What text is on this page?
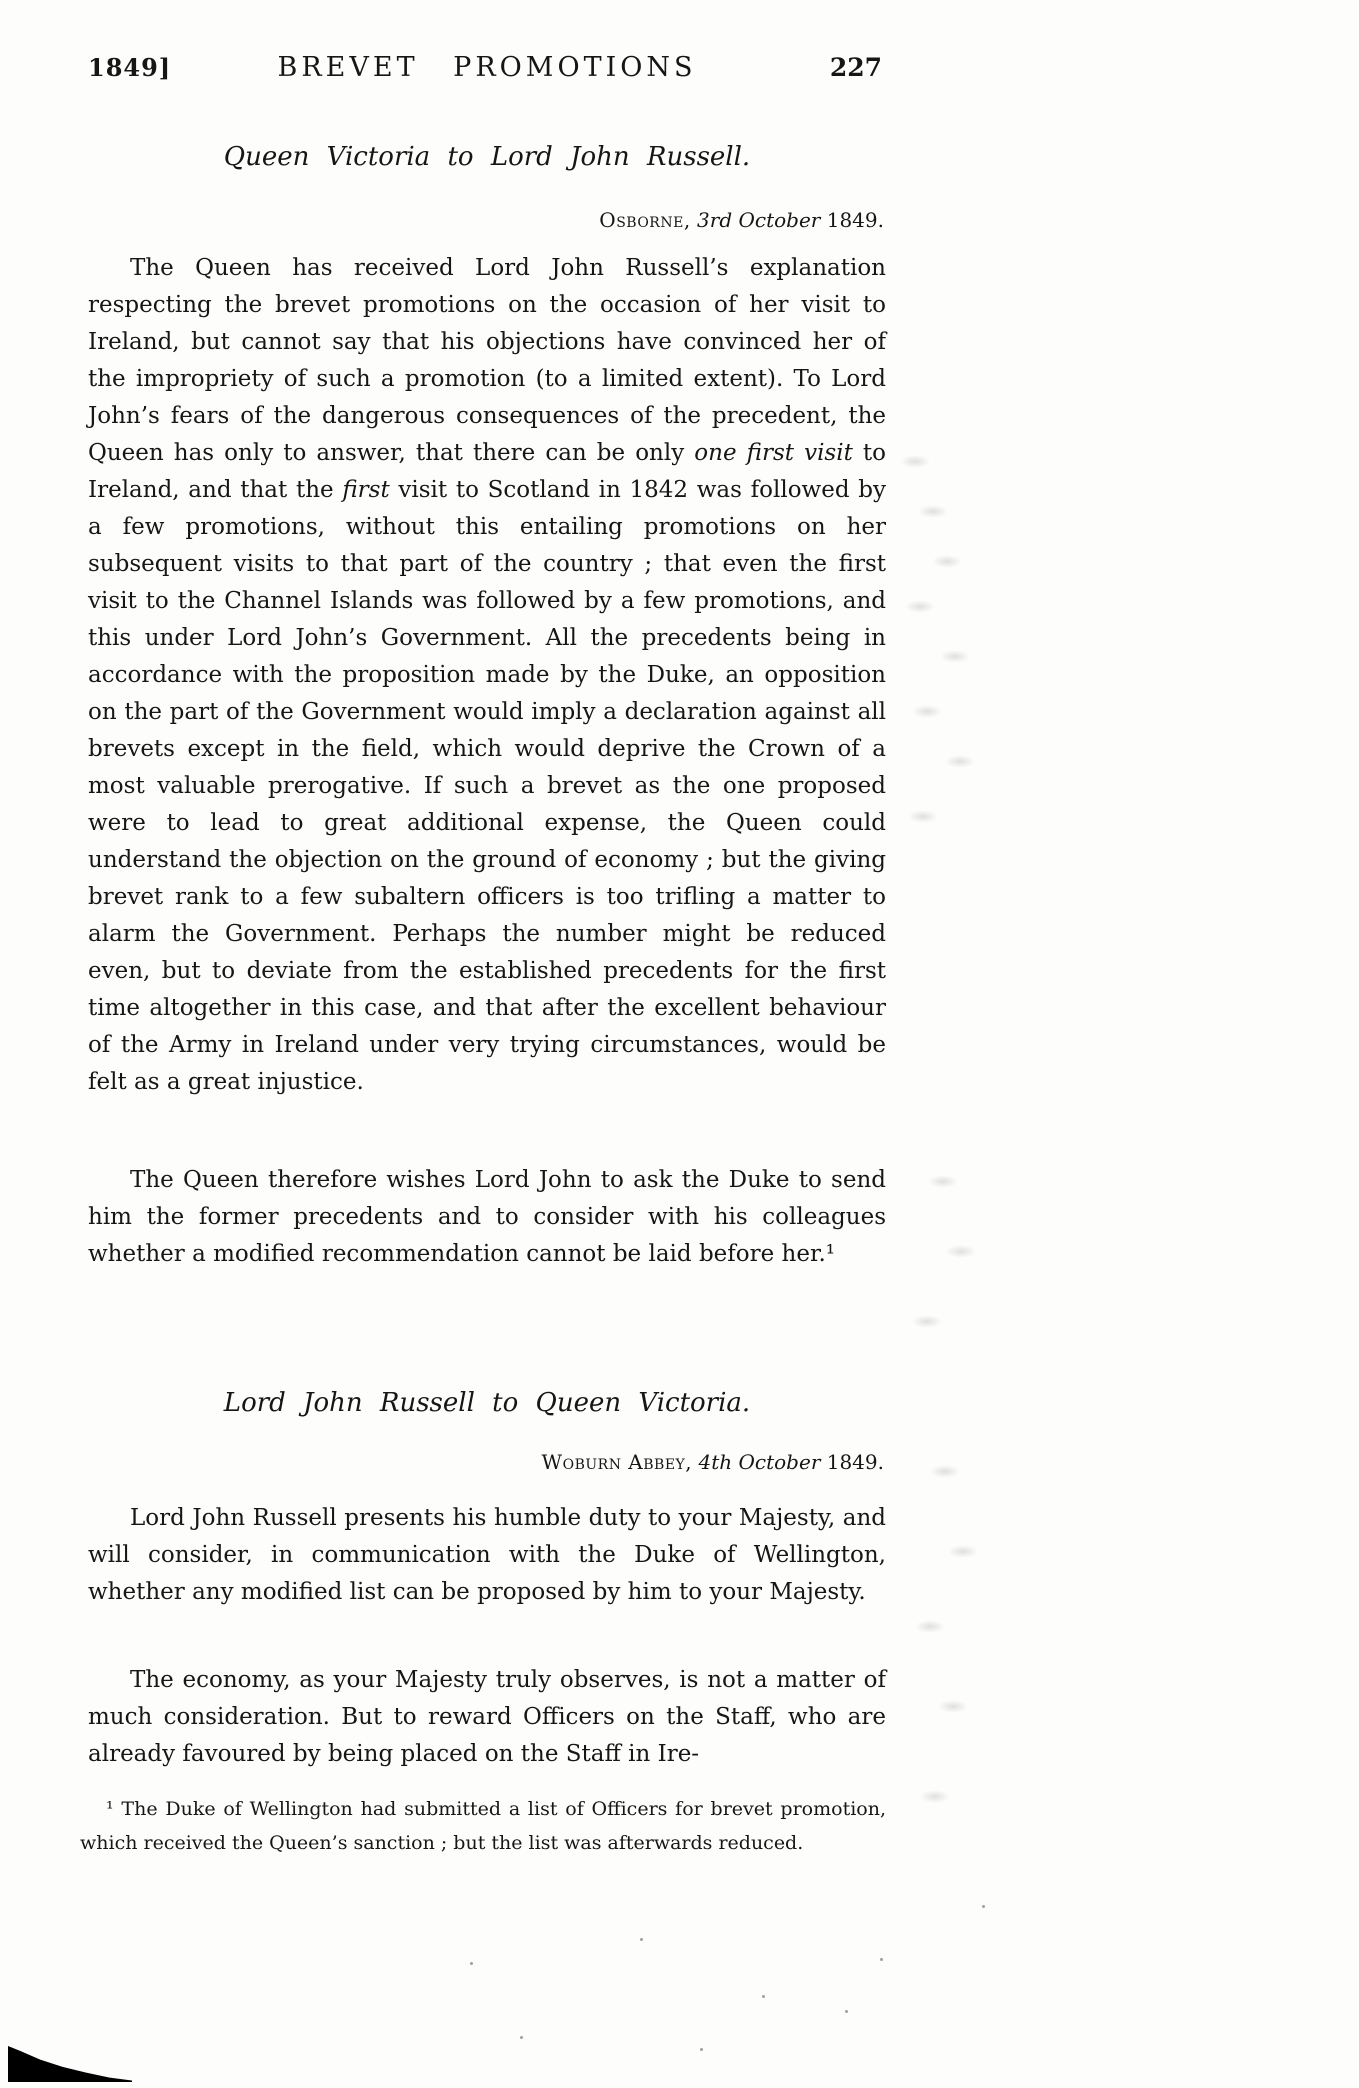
1849]	BREVET PROMOTIONS	227
Queen Victoria to Lord John Russell.
Osborne, 3rd October 1849.
The Queen has received Lord John Russell’s explanation respecting the brevet promotions on the occasion of her visit to Ireland, but cannot say that his objections have convinced her of the impropriety of such a promotion (to a limited extent). To Lord John’s fears of the dangerous consequences of the precedent, the Queen has only to answer, that there can be only one first visit to Ireland, and that the first visit to Scotland in 1842 was followed by a few promotions, without this entailing promotions on her subsequent visits to that part of the country ; that even the first visit to the Channel Islands was followed by a few promotions, and this under Lord John’s Government. All the precedents being in accordance with the proposition made by the Duke, an opposition on the part of the Government would imply a declaration against all brevets except in the field, which would deprive the Crown of a most valuable prerogative. If such a brevet as the one proposed were to lead to great additional expense, the Queen could understand the objection on the ground of economy ; but the giving brevet rank to a few subaltern officers is too trifling a matter to alarm the Government. Perhaps the number might be reduced even, but to deviate from the established precedents for the first time altogether in this case, and that after the excellent behaviour of the Army in Ireland under very trying circumstances, would be felt as a great injustice.
The Queen therefore wishes Lord John to ask the Duke to send him the former precedents and to consider with his colleagues whether a modified recommendation cannot be laid before her.¹
Lord John Russell to Queen Victoria.
Woburn Abbey, 4th October 1849.
Lord John Russell presents his humble duty to your Majesty, and will consider, in communication with the Duke of Wellington, whether any modified list can be proposed by him to your Majesty.
The economy, as your Majesty truly observes, is not a matter of much consideration. But to reward Officers on the Staff, who are already favoured by being placed on the Staff in Ire-
¹ The Duke of Wellington had submitted a list of Officers for brevet promotion, which received the Queen’s sanction ; but the list was afterwards reduced.
